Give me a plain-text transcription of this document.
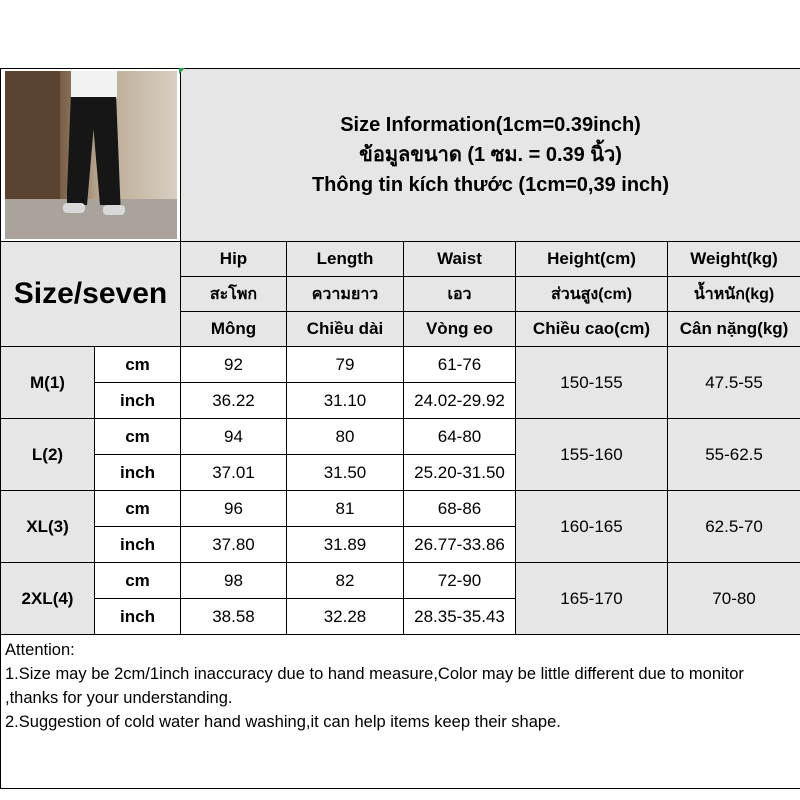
		Size Information(1cm=0.39inch)
ข้อมูลขนาด (1 ซม. = 0.39 นิ้ว)
Thông tin kích thước (1cm=0,39 inch)				

Size/seven		Hip	Length	Waist	Height(cm)	Weight(kg)
		สะโพก	ความยาว	เอว	ส่วนสูง(cm)	น้ำหนัก(kg)
		Mông	Chiều dài	Vòng eo	Chiều cao(cm)	Cân nặng(kg)
M(1)	cm	92	79	61-76	150-155	47.5-55
	inch	36.22	31.10	24.02-29.92		
L(2)	cm	94	80	64-80	155-160	55-62.5
	inch	37.01	31.50	25.20-31.50		
XL(3)	cm	96	81	68-86	160-165	62.5-70
	inch	37.80	31.89	26.77-33.86		
2XL(4)	cm	98	82	72-90	165-170	70-80
	inch	38.58	32.28	28.35-35.43		

Attention:
1.Size may be 2cm/1inch inaccuracy due to hand measure,Color may be little different due to monitor ,thanks for your understanding.
2.Suggestion of cold water hand washing,it can help items keep their shape.						
